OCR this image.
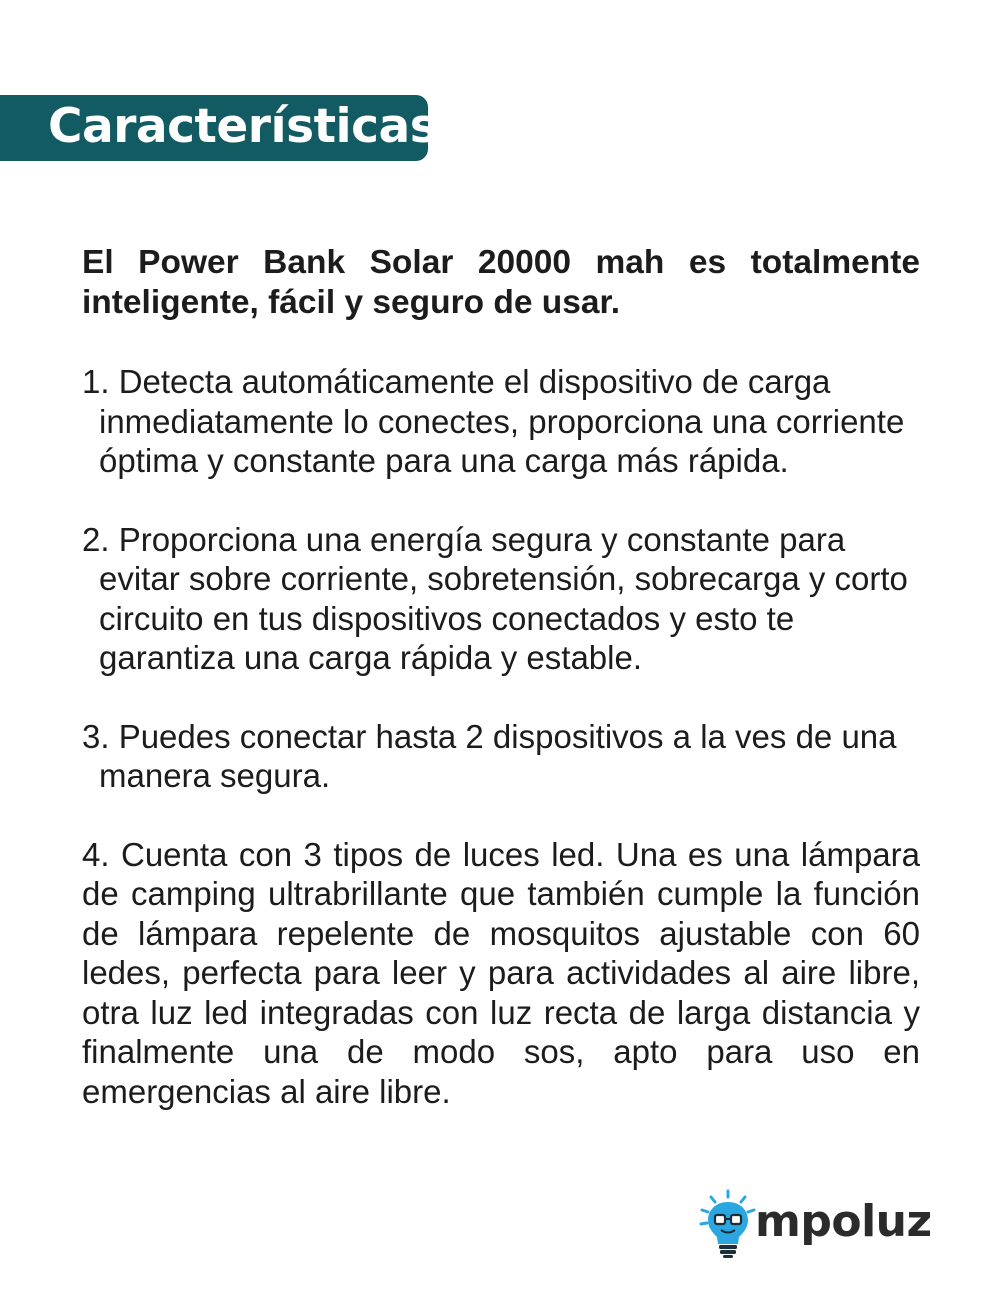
Características

El Power Bank Solar 20000 mah es totalmente inteligente, fácil y seguro de usar.

1. Detecta automáticamente el dispositivo de carga inmediatamente lo conectes, proporciona una corriente óptima y constante para una carga más rápida.

2. Proporciona una energía segura y constante para evitar sobre corriente, sobretensión, sobrecarga y corto circuito en tus dispositivos conectados y esto te garantiza una carga rápida y estable.

3. Puedes conectar hasta 2 dispositivos a la ves de una manera segura.

4. Cuenta con 3 tipos de luces led. Una es una lámpara de camping ultrabrillante que también cumple la función de lámpara repelente de mosquitos ajustable con 60 ledes, perfecta para leer y para actividades al aire libre, otra luz led integradas con luz recta de larga distancia y finalmente una de modo sos, apto para uso en emergencias al aire libre.

mpoluz
